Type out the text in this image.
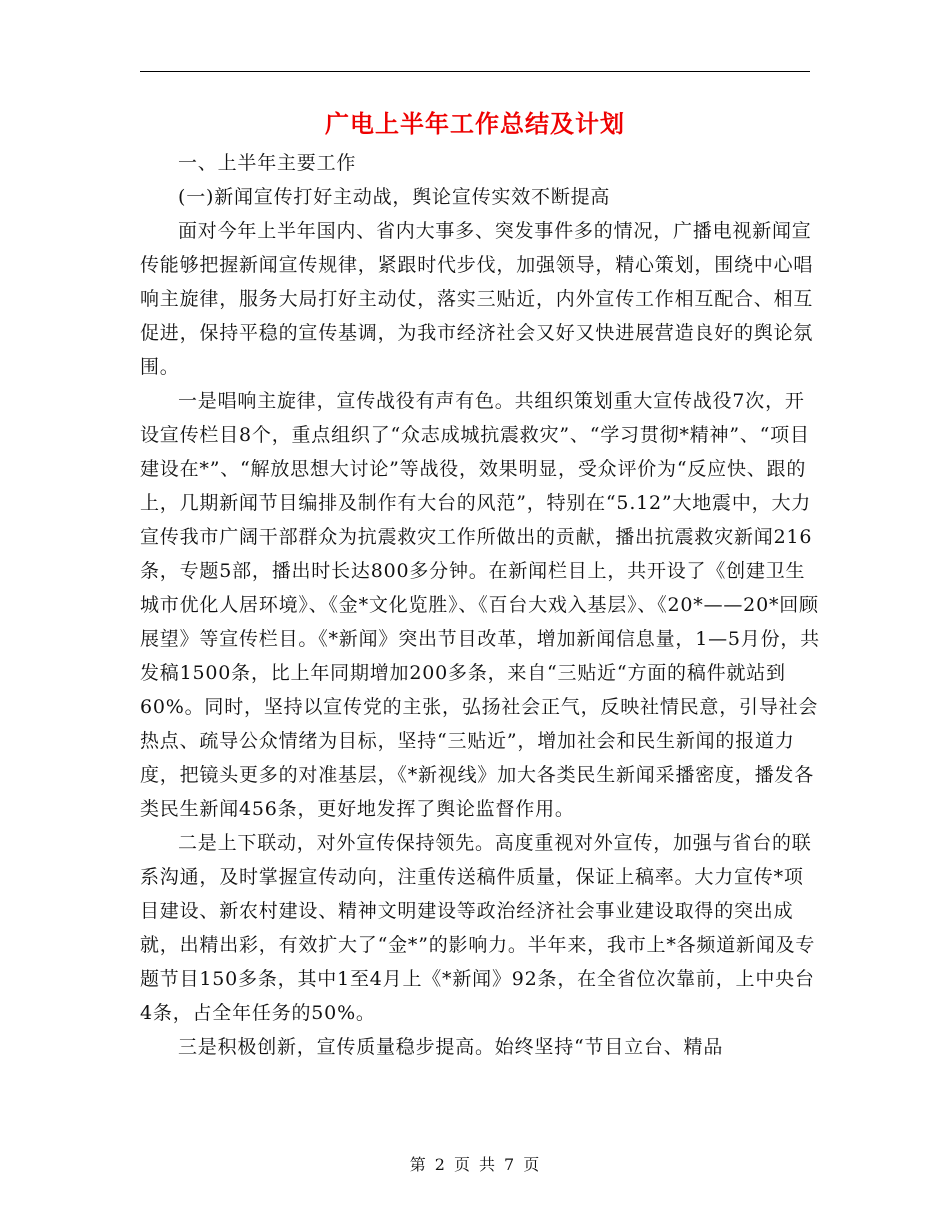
广电上半年工作总结及计划

一、上半年主要工作

(一)新闻宣传打好主动战，舆论宣传实效不断提高

面对今年上半年国内、省内大事多、突发事件多的情况，广播电视新闻宣传能够把握新闻宣传规律，紧跟时代步伐，加强领导，精心策划，围绕中心唱响主旋律，服务大局打好主动仗，落实三贴近，内外宣传工作相互配合、相互促进，保持平稳的宣传基调，为我市经济社会又好又快进展营造良好的舆论氛围。

一是唱响主旋律，宣传战役有声有色。共组织策划重大宣传战役7次，开设宣传栏目8个，重点组织了“众志成城抗震救灾”、“学习贯彻*精神”、“项目建设在*”、“解放思想大讨论”等战役，效果明显，受众评价为“反应快、跟的上，几期新闻节目编排及制作有大台的风范”，特别在“5.12”大地震中，大力宣传我市广阔干部群众为抗震救灾工作所做出的贡献，播出抗震救灾新闻216条，专题5部，播出时长达800多分钟。在新闻栏目上，共开设了《创建卫生城市优化人居环境》、《金*文化览胜》、《百台大戏入基层》、《20*——20*回顾展望》等宣传栏目。《*新闻》突出节目改革，增加新闻信息量，1—5月份，共发稿1500条，比上年同期增加200多条，来自“三贴近“方面的稿件就站到60%。同时，坚持以宣传党的主张，弘扬社会正气，反映社情民意，引导社会热点、疏导公众情绪为目标，坚持“三贴近”，增加社会和民生新闻的报道力度，把镜头更多的对准基层，《*新视线》加大各类民生新闻采播密度，播发各类民生新闻456条，更好地发挥了舆论监督作用。

二是上下联动，对外宣传保持领先。高度重视对外宣传，加强与省台的联系沟通，及时掌握宣传动向，注重传送稿件质量，保证上稿率。大力宣传*项目建设、新农村建设、精神文明建设等政治经济社会事业建设取得的突出成就，出精出彩，有效扩大了“金*”的影响力。半年来，我市上*各频道新闻及专题节目150多条，其中1至4月上《*新闻》92条，在全省位次靠前，上中央台4条，占全年任务的50%。

三是积极创新，宣传质量稳步提高。始终坚持“节目立台、精品

第 2 页 共 7 页
